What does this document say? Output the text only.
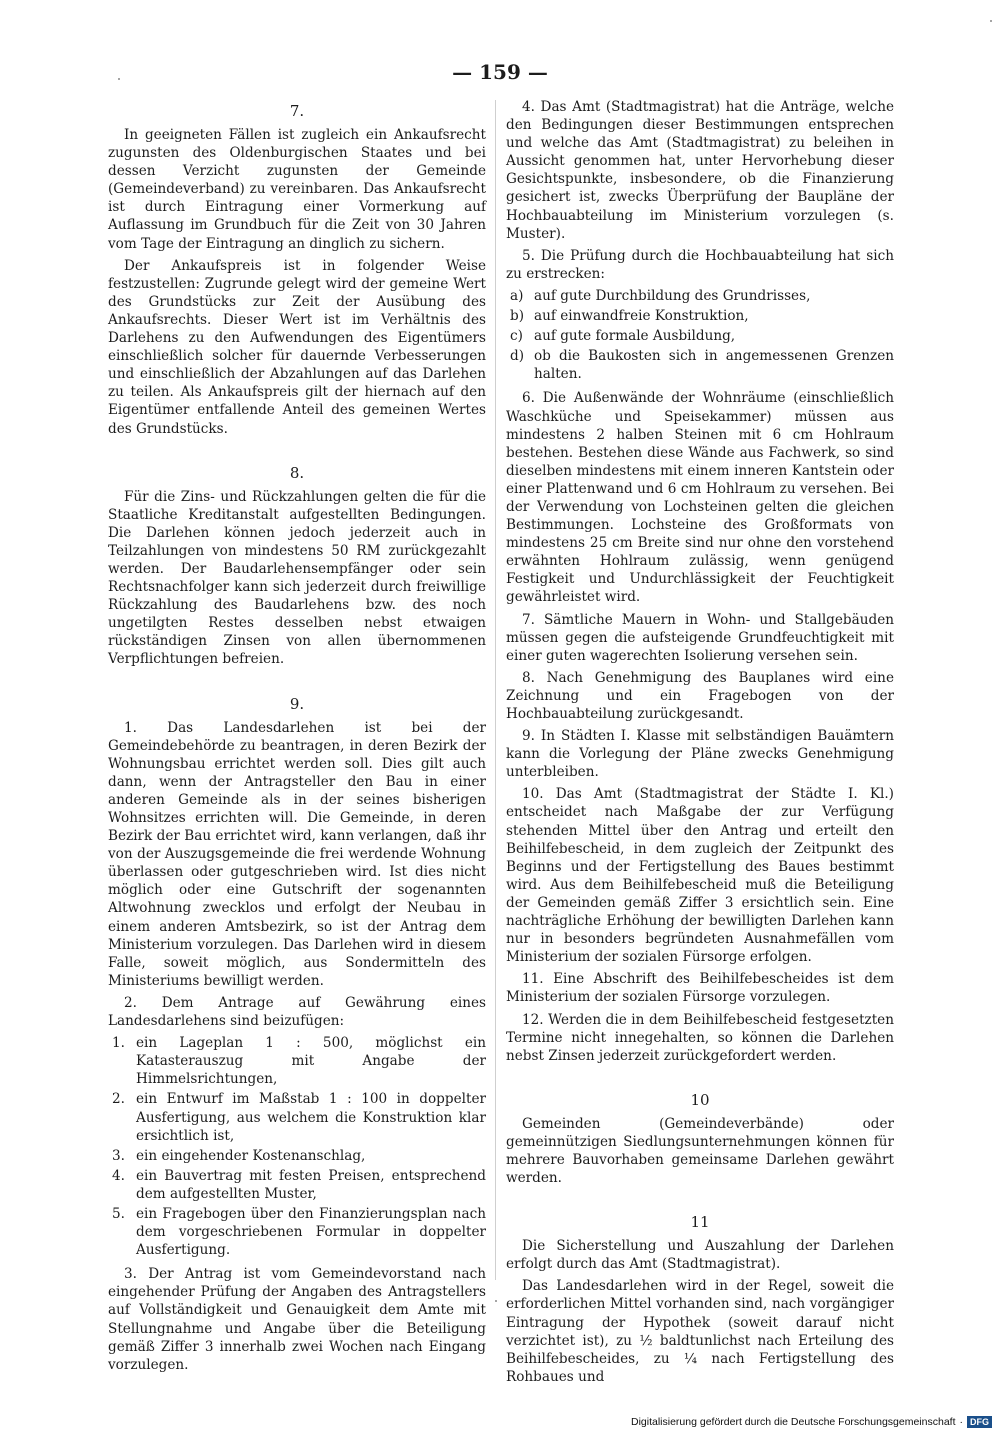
— 159 —
7.

In geeigneten Fällen ist zugleich ein Ankaufsrecht zugunsten des Oldenburgischen Staates und bei dessen Verzicht zugunsten der Gemeinde (Gemeindeverband) zu vereinbaren. Das Ankaufsrecht ist durch Eintragung einer Vormerkung auf Auflassung im Grundbuch für die Zeit von 30 Jahren vom Tage der Eintragung an dinglich zu sichern.

Der Ankaufspreis ist in folgender Weise festzustellen: Zugrunde gelegt wird der gemeine Wert des Grundstücks zur Zeit der Ausübung des Ankaufsrechts. Dieser Wert ist im Verhältnis des Darlehens zu den Aufwendungen des Eigentümers einschließlich solcher für dauernde Verbesserungen und einschließlich der Abzahlungen auf das Darlehen zu teilen. Als Ankaufspreis gilt der hiernach auf den Eigentümer entfallende Anteil des gemeinen Wertes des Grundstücks.

8.

Für die Zins- und Rückzahlungen gelten die für die Staatliche Kreditanstalt aufgestellten Bedingungen. Die Darlehen können jedoch jederzeit auch in Teilzahlungen von mindestens 50 RM zurückgezahlt werden. Der Baudarlehensempfänger oder sein Rechtsnachfolger kann sich jederzeit durch freiwillige Rückzahlung des Baudarlehens bzw. des noch ungetilgten Restes desselben nebst etwaigen rückständigen Zinsen von allen übernommenen Verpflichtungen befreien.

9.

1. Das Landesdarlehen ist bei der Gemeindebehörde zu beantragen, in deren Bezirk der Wohnungsbau errichtet werden soll. Dies gilt auch dann, wenn der Antragsteller den Bau in einer anderen Gemeinde als in der seines bisherigen Wohnsitzes errichten will. Die Gemeinde, in deren Bezirk der Bau errichtet wird, kann verlangen, daß ihr von der Auszugsgemeinde die frei werdende Wohnung überlassen oder gutgeschrieben wird. Ist dies nicht möglich oder eine Gutschrift der sogenannten Altwohnung zwecklos und erfolgt der Neubau in einem anderen Amtsbezirk, so ist der Antrag dem Ministerium vorzulegen. Das Darlehen wird in diesem Falle, soweit möglich, aus Sondermitteln des Ministeriums bewilligt werden.

2. Dem Antrage auf Gewährung eines Landesdarlehens sind beizufügen:

1. ein Lageplan 1 : 500, möglichst ein Katasterauszug mit Angabe der Himmelsrichtungen,
2. ein Entwurf im Maßstab 1 : 100 in doppelter Ausfertigung, aus welchem die Konstruktion klar ersichtlich ist,
3. ein eingehender Kostenanschlag,
4. ein Bauvertrag mit festen Preisen, entsprechend dem aufgestellten Muster,
5. ein Fragebogen über den Finanzierungsplan nach dem vorgeschriebenen Formular in doppelter Ausfertigung.

3. Der Antrag ist vom Gemeindevorstand nach eingehender Prüfung der Angaben des Antragstellers auf Vollständigkeit und Genauigkeit dem Amte mit Stellungnahme und Angabe über die Beteiligung gemäß Ziffer 3 innerhalb zwei Wochen nach Eingang vorzulegen.

4. Das Amt (Stadtmagistrat) hat die Anträge, welche den Bedingungen dieser Bestimmungen entsprechen und welche das Amt (Stadtmagistrat) zu beleihen in Aussicht genommen hat, unter Hervorhebung dieser Gesichtspunkte, insbesondere, ob die Finanzierung gesichert ist, zwecks Überprüfung der Baupläne der Hochbauabteilung im Ministerium vorzulegen (s. Muster).

5. Die Prüfung durch die Hochbauabteilung hat sich zu erstrecken:

a) auf gute Durchbildung des Grundrisses,
b) auf einwandfreie Konstruktion,
c) auf gute formale Ausbildung,
d) ob die Baukosten sich in angemessenen Grenzen halten.

6. Die Außenwände der Wohnräume (einschließlich Waschküche und Speisekammer) müssen aus mindestens 2 halben Steinen mit 6 cm Hohlraum bestehen. Bestehen diese Wände aus Fachwerk, so sind dieselben mindestens mit einem inneren Kantstein oder einer Plattenwand und 6 cm Hohlraum zu versehen. Bei der Verwendung von Lochsteinen gelten die gleichen Bestimmungen. Lochsteine des Großformats von mindestens 25 cm Breite sind nur ohne den vorstehend erwähnten Hohlraum zulässig, wenn genügend Festigkeit und Undurchlässigkeit der Feuchtigkeit gewährleistet wird.

7. Sämtliche Mauern in Wohn- und Stallgebäuden müssen gegen die aufsteigende Grundfeuchtigkeit mit einer guten wagerechten Isolierung versehen sein.

8. Nach Genehmigung des Bauplanes wird eine Zeichnung und ein Fragebogen von der Hochbauabteilung zurückgesandt.

9. In Städten I. Klasse mit selbständigen Bauämtern kann die Vorlegung der Pläne zwecks Genehmigung unterbleiben.

10. Das Amt (Stadtmagistrat der Städte I. Kl.) entscheidet nach Maßgabe der zur Verfügung stehenden Mittel über den Antrag und erteilt den Beihilfebescheid, in dem zugleich der Zeitpunkt des Beginns und der Fertigstellung des Baues bestimmt wird. Aus dem Beihilfebescheid muß die Beteiligung der Gemeinden gemäß Ziffer 3 ersichtlich sein. Eine nachträgliche Erhöhung der bewilligten Darlehen kann nur in besonders begründeten Ausnahmefällen vom Ministerium der sozialen Fürsorge erfolgen.

11. Eine Abschrift des Beihilfebescheides ist dem Ministerium der sozialen Fürsorge vorzulegen.

12. Werden die in dem Beihilfebescheid festgesetzten Termine nicht innegehalten, so können die Darlehen nebst Zinsen jederzeit zurückgefordert werden.

10

Gemeinden (Gemeindeverbände) oder gemeinnützigen Siedlungsunternehmungen können für mehrere Bauvorhaben gemeinsame Darlehen gewährt werden.

11

Die Sicherstellung und Auszahlung der Darlehen erfolgt durch das Amt (Stadtmagistrat).

Das Landesdarlehen wird in der Regel, soweit die erforderlichen Mittel vorhanden sind, nach vorgängiger Eintragung der Hypothek (soweit darauf nicht verzichtet ist), zu ½ baldtunlichst nach Erteilung des Beihilfebescheides, zu ¼ nach Fertigstellung des Rohbaues und

Digitalisierung gefördert durch die Deutsche Forschungsgemeinschaft · DFG
